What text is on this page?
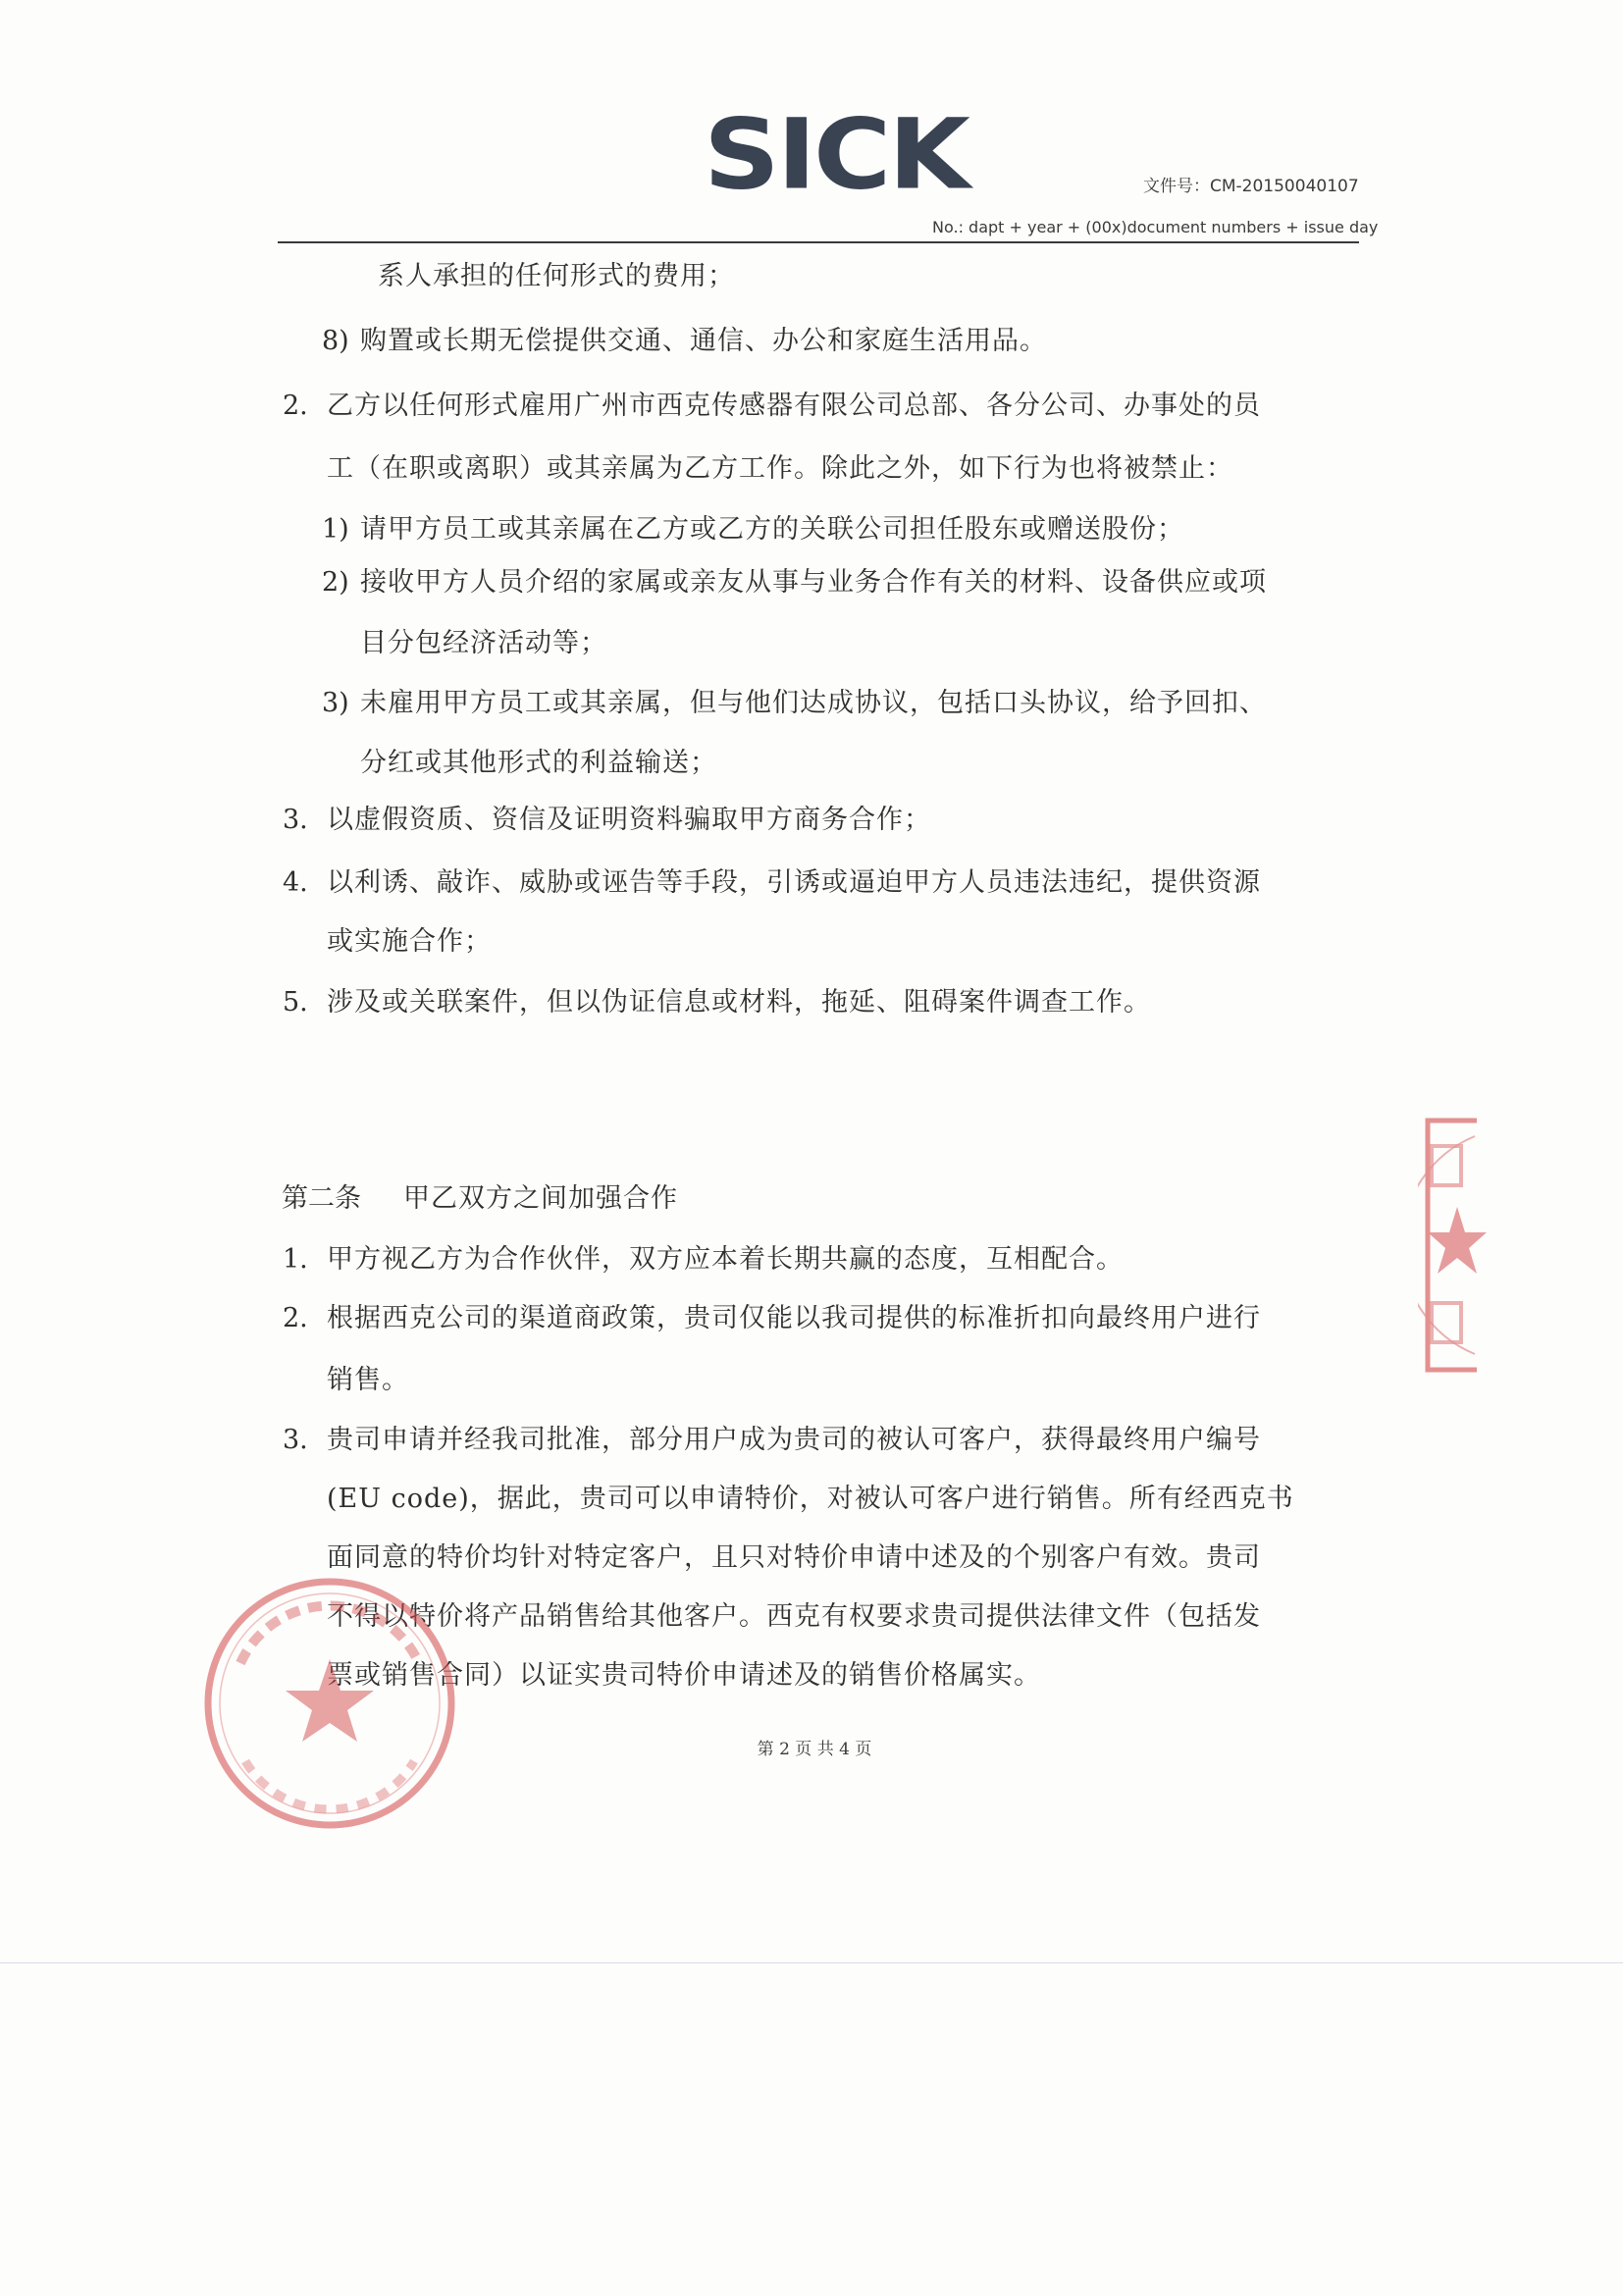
SICK	文件号：CM-20150040107
No.: dapt + year + (00x)document numbers + issue day
系人承担的任何形式的费用；
8) 购置或长期无偿提供交通、通信、办公和家庭生活用品。
2. 乙方以任何形式雇用广州市西克传感器有限公司总部、各分公司、办事处的员
工（在职或离职）或其亲属为乙方工作。除此之外，如下行为也将被禁止：
1) 请甲方员工或其亲属在乙方或乙方的关联公司担任股东或赠送股份；
2) 接收甲方人员介绍的家属或亲友从事与业务合作有关的材料、设备供应或项
目分包经济活动等；
3) 未雇用甲方员工或其亲属，但与他们达成协议，包括口头协议，给予回扣、
分红或其他形式的利益输送；
3. 以虚假资质、资信及证明资料骗取甲方商务合作；
4. 以利诱、敲诈、威胁或诬告等手段，引诱或逼迫甲方人员违法违纪，提供资源
或实施合作；
5. 涉及或关联案件，但以伪证信息或材料，拖延、阻碍案件调查工作。
第二条 甲乙双方之间加强合作
1. 甲方视乙方为合作伙伴，双方应本着长期共赢的态度，互相配合。
2. 根据西克公司的渠道商政策，贵司仅能以我司提供的标准折扣向最终用户进行
销售。
3. 贵司申请并经我司批准，部分用户成为贵司的被认可客户，获得最终用户编号
(EU code)，据此，贵司可以申请特价，对被认可客户进行销售。所有经西克书
面同意的特价均针对特定客户，且只对特价申请中述及的个别客户有效。贵司
不得以特价将产品销售给其他客户。西克有权要求贵司提供法律文件（包括发
票或销售合同）以证实贵司特价申请述及的销售价格属实。
第 2 页 共 4 页
